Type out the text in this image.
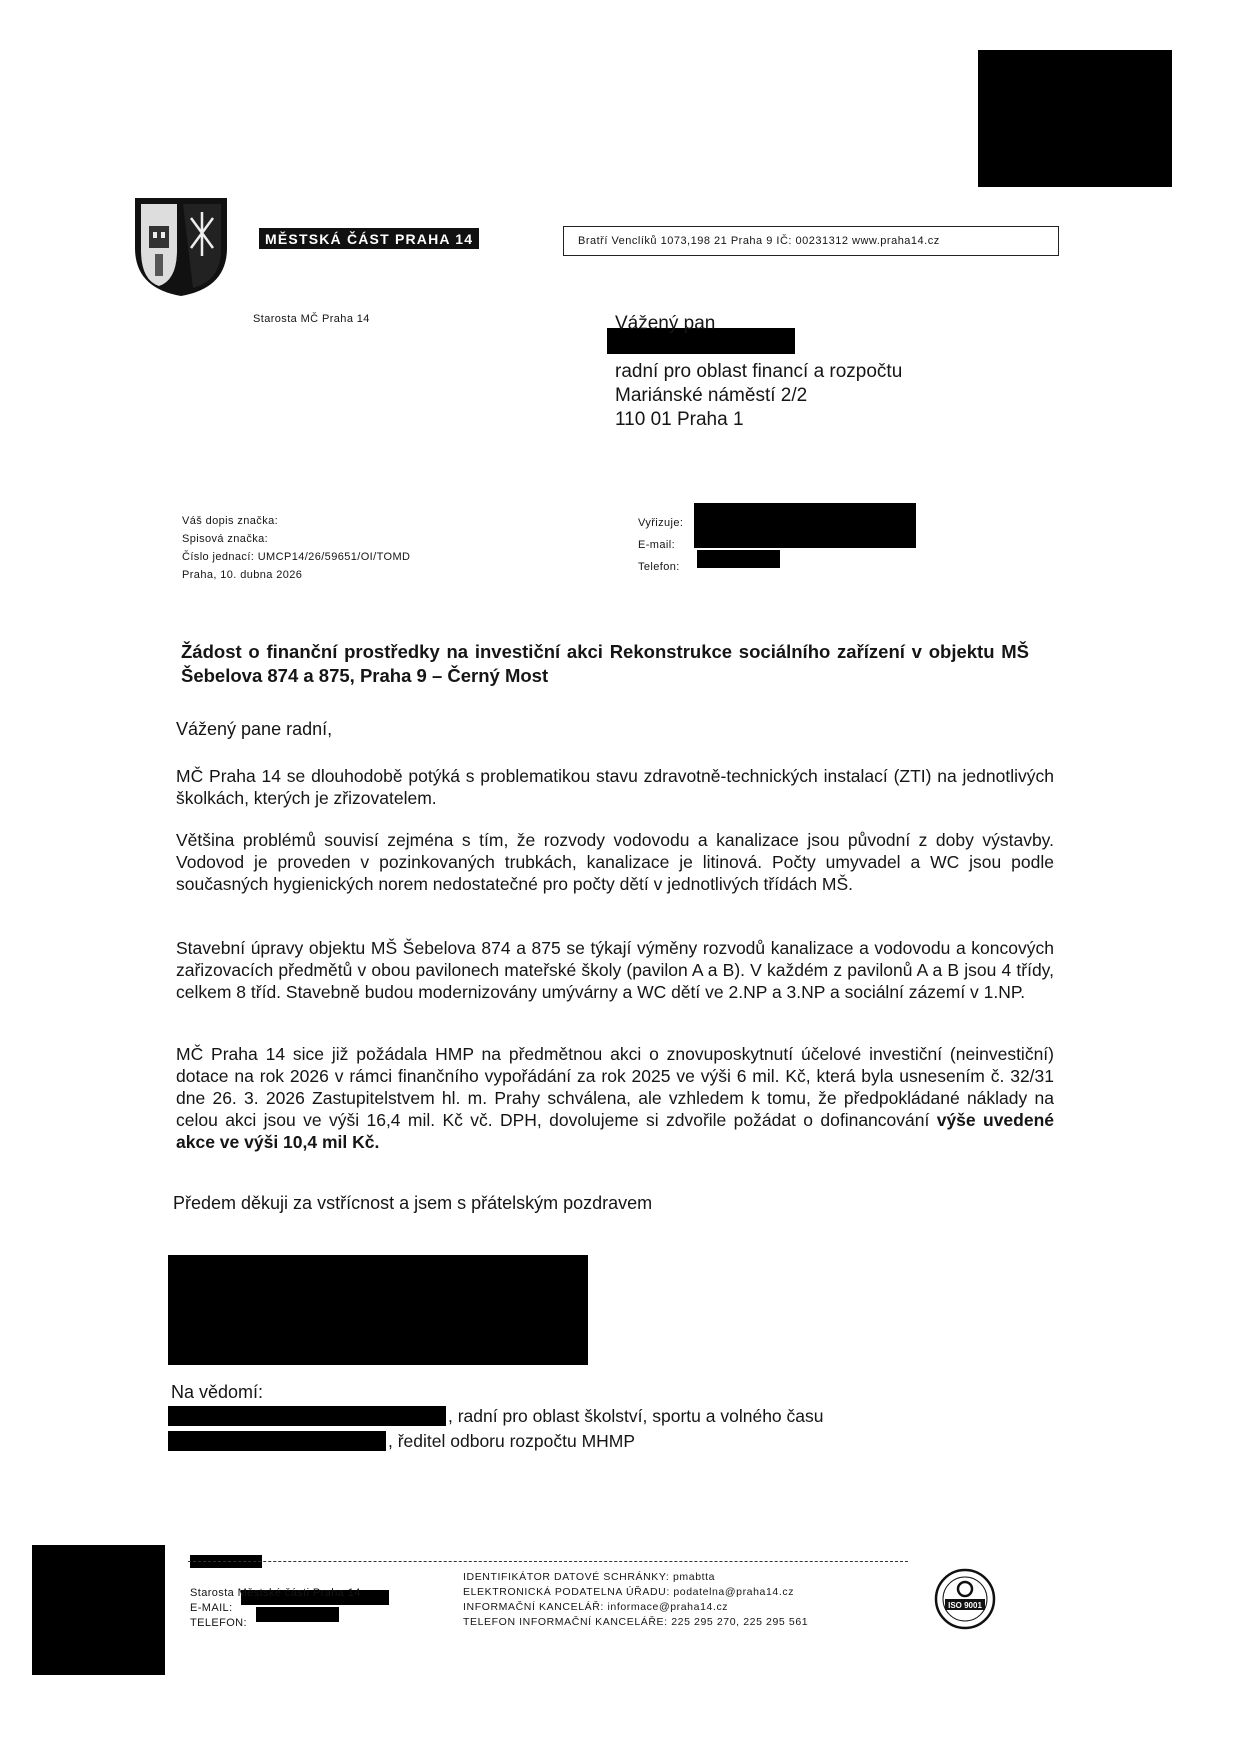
MĚSTSKÁ ČÁST PRAHA 14	Bratří Venclíků 1073,198 21 Praha 9 IČ: 00231312 www.praha14.cz
Starosta MČ Praha 14	Vážený pan
radní pro oblast financí a rozpočtu
Mariánské náměstí 2/2
110 01 Praha 1
Váš dopis značka:
Spisová značka:
Číslo jednací: UMCP14/26/59651/OI/TOMD
Praha, 10. dubna 2026
Vyřizuje:
E-mail:
Telefon:
Žádost o finanční prostředky na investiční akci Rekonstrukce sociálního zařízení v objektu MŠ Šebelova 874 a 875, Praha 9 – Černý Most
Vážený pane radní,
MČ Praha 14 se dlouhodobě potýká s problematikou stavu zdravotně-technických instalací (ZTI) na jednotlivých školkách, kterých je zřizovatelem.
Většina problémů souvisí zejména s tím, že rozvody vodovodu a kanalizace jsou původní z doby výstavby. Vodovod je proveden v pozinkovaných trubkách, kanalizace je litinová. Počty umyvadel a WC jsou podle současných hygienických norem nedostatečné pro počty dětí v jednotlivých třídách MŠ.
Stavební úpravy objektu MŠ Šebelova 874 a 875 se týkají výměny rozvodů kanalizace a vodovodu a koncových zařizovacích předmětů v obou pavilonech mateřské školy (pavilon A a B). V každém z pavilonů A a B jsou 4 třídy, celkem 8 tříd. Stavebně budou modernizovány umývárny a WC dětí ve 2.NP a 3.NP a sociální zázemí v 1.NP.
MČ Praha 14 sice již požádala HMP na předmětnou akci o znovuposkytnutí účelové investiční (neinvestiční) dotace na rok 2026 v rámci finančního vypořádání za rok 2025 ve výši 6 mil. Kč, která byla usnesením č. 32/31 dne 26. 3. 2026 Zastupitelstvem hl. m. Prahy schválena, ale vzhledem k tomu, že předpokládané náklady na celou akci jsou ve výši 16,4 mil. Kč vč. DPH, dovolujeme si zdvořile požádat o dofinancování výše uvedené akce ve výši 10,4 mil Kč.
Předem děkuji za vstřícnost a jsem s přátelským pozdravem
Na vědomí:
, radní pro oblast školství, sportu a volného času
, ředitel odboru rozpočtu MHMP
Starosta Městské části Praha 14
E-MAIL:
TELEFON:
IDENTIFIKÁTOR DATOVÉ SCHRÁNKY: pmabtta
ELEKTRONICKÁ PODATELNA ÚŘADU: podatelna@praha14.cz
INFORMAČNÍ KANCELÁŘ: informace@praha14.cz
TELEFON INFORMAČNÍ KANCELÁŘE: 225 295 270, 225 295 561
ISO 9001
